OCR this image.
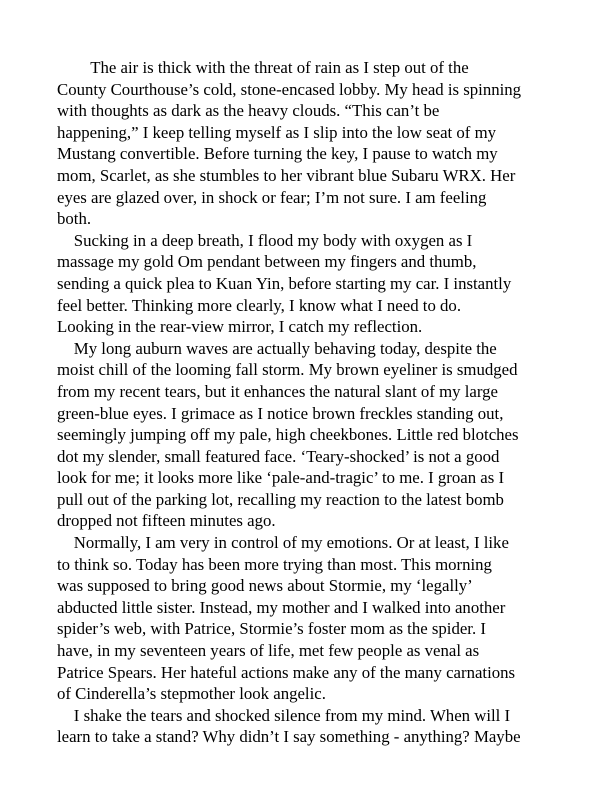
The air is thick with the threat of rain as I step out of the
County Courthouse’s cold, stone-encased lobby. My head is spinning
with thoughts as dark as the heavy clouds. “This can’t be
happening,” I keep telling myself as I slip into the low seat of my
Mustang convertible. Before turning the key, I pause to watch my
mom, Scarlet, as she stumbles to her vibrant blue Subaru WRX. Her
eyes are glazed over, in shock or fear; I’m not sure. I am feeling
both.
Sucking in a deep breath, I flood my body with oxygen as I
massage my gold Om pendant between my fingers and thumb,
sending a quick plea to Kuan Yin, before starting my car. I instantly
feel better. Thinking more clearly, I know what I need to do.
Looking in the rear-view mirror, I catch my reflection.
My long auburn waves are actually behaving today, despite the
moist chill of the looming fall storm. My brown eyeliner is smudged
from my recent tears, but it enhances the natural slant of my large
green-blue eyes. I grimace as I notice brown freckles standing out,
seemingly jumping off my pale, high cheekbones. Little red blotches
dot my slender, small featured face. ‘Teary-shocked’ is not a good
look for me; it looks more like ‘pale-and-tragic’ to me. I groan as I
pull out of the parking lot, recalling my reaction to the latest bomb
dropped not fifteen minutes ago.
Normally, I am very in control of my emotions. Or at least, I like
to think so. Today has been more trying than most. This morning
was supposed to bring good news about Stormie, my ‘legally’
abducted little sister. Instead, my mother and I walked into another
spider’s web, with Patrice, Stormie’s foster mom as the spider. I
have, in my seventeen years of life, met few people as venal as
Patrice Spears. Her hateful actions make any of the many carnations
of Cinderella’s stepmother look angelic.
I shake the tears and shocked silence from my mind. When will I
learn to take a stand? Why didn’t I say something - anything? Maybe
